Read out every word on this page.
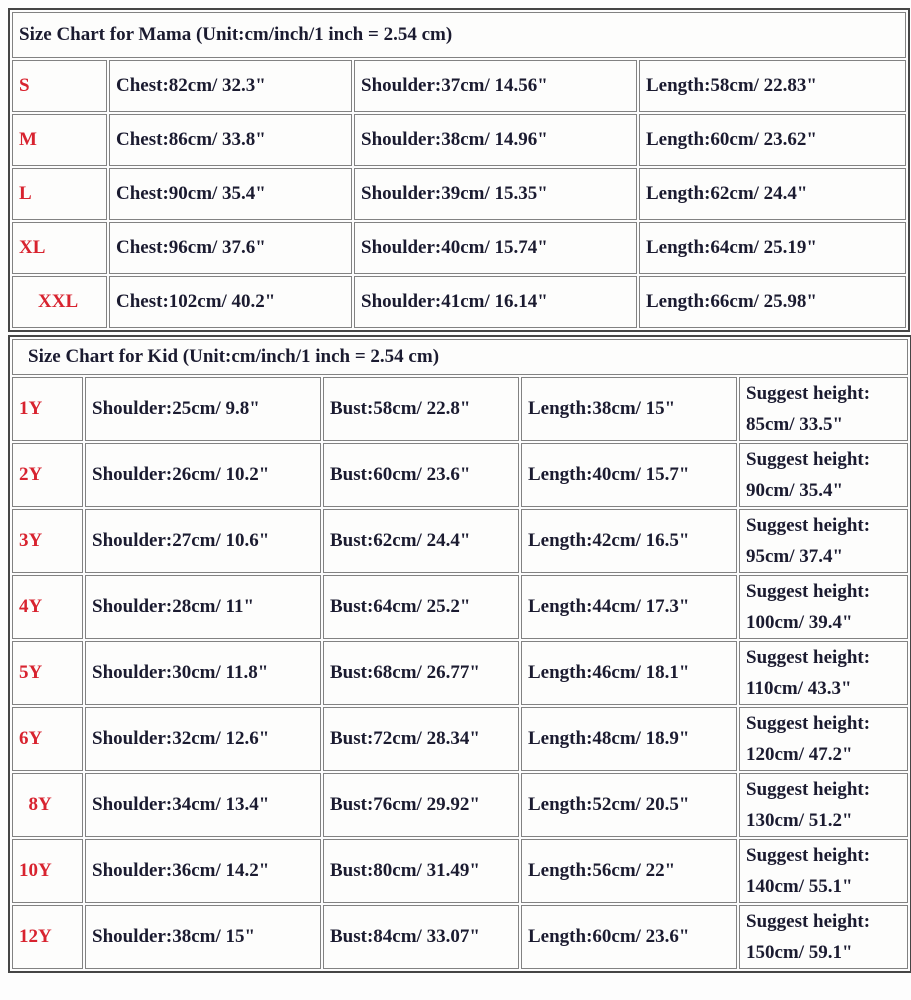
Size Chart for Mama (Unit:cm/inch/1 inch = 2.54 cm)			
S	Chest:82cm/ 32.3"	Shoulder:37cm/ 14.56"	Length:58cm/ 22.83"
M	Chest:86cm/ 33.8"	Shoulder:38cm/ 14.96"	Length:60cm/ 23.62"
L	Chest:90cm/ 35.4"	Shoulder:39cm/ 15.35"	Length:62cm/ 24.4"
XL	Chest:96cm/ 37.6"	Shoulder:40cm/ 15.74"	Length:64cm/ 25.19"
XXL	Chest:102cm/ 40.2"	Shoulder:41cm/ 16.14"	Length:66cm/ 25.98"
Size Chart for Kid (Unit:cm/inch/1 inch = 2.54 cm)				
1Y	Shoulder:25cm/ 9.8"	Bust:58cm/ 22.8"	Length:38cm/ 15"	Suggest height:
85cm/ 33.5"

2Y	Shoulder:26cm/ 10.2"	Bust:60cm/ 23.6"	Length:40cm/ 15.7"	Suggest height:
90cm/ 35.4"

3Y	Shoulder:27cm/ 10.6"	Bust:62cm/ 24.4"	Length:42cm/ 16.5"	Suggest height:
95cm/ 37.4"

4Y	Shoulder:28cm/ 11"	Bust:64cm/ 25.2"	Length:44cm/ 17.3"	Suggest height:
100cm/ 39.4"

5Y	Shoulder:30cm/ 11.8"	Bust:68cm/ 26.77"	Length:46cm/ 18.1"	Suggest height:
110cm/ 43.3"

6Y	Shoulder:32cm/ 12.6"	Bust:72cm/ 28.34"	Length:48cm/ 18.9"	Suggest height:
120cm/ 47.2"

8Y	Shoulder:34cm/ 13.4"	Bust:76cm/ 29.92"	Length:52cm/ 20.5"	Suggest height:
130cm/ 51.2"

10Y	Shoulder:36cm/ 14.2"	Bust:80cm/ 31.49"	Length:56cm/ 22"	Suggest height:
140cm/ 55.1"

12Y	Shoulder:38cm/ 15"	Bust:84cm/ 33.07"	Length:60cm/ 23.6"	Suggest height:
150cm/ 59.1"
